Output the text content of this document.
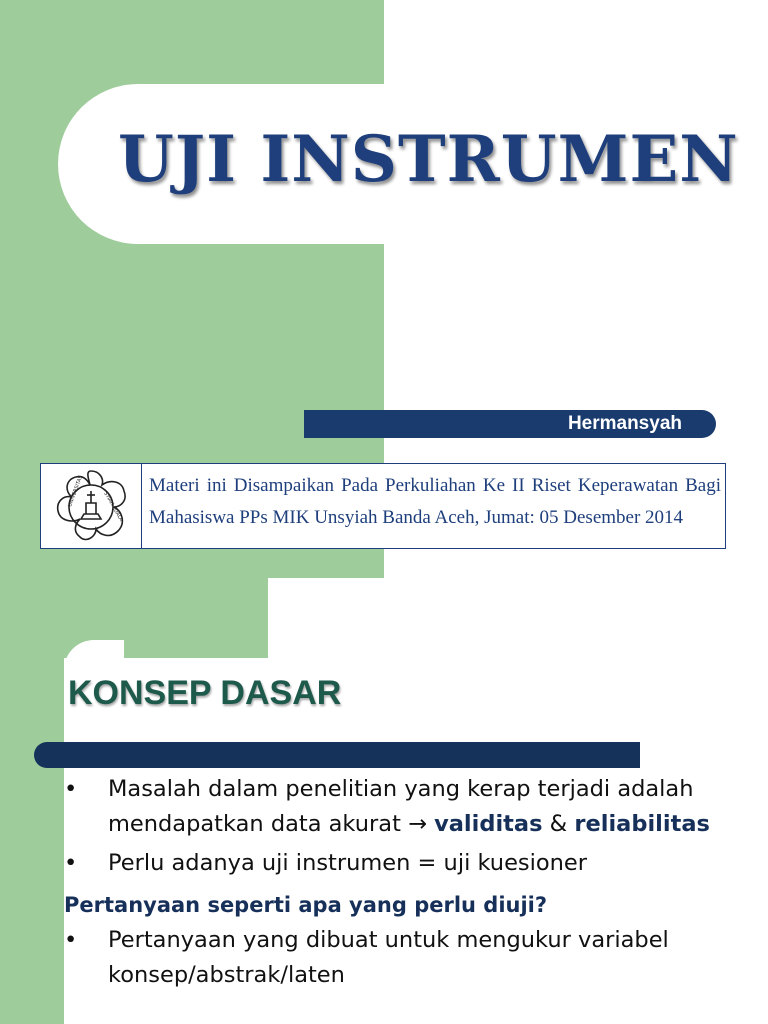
UJI INSTRUMEN
Hermansyah
UNIVERSITAS	SYIAH KUALA
Materi ini Disampaikan Pada Perkuliahan Ke II Riset Keperawatan Bagi Mahasiswa PPs MIK Unsyiah Banda Aceh, Jumat: 05 Desember 2014
KONSEP DASAR

• Masalah dalam penelitian yang kerap terjadi adalah mendapatkan data akurat → validitas & reliabilitas

• Perlu adanya uji instrumen = uji kuesioner

Pertanyaan seperti apa yang perlu diuji?

• Pertanyaan yang dibuat untuk mengukur variabel konsep/abstrak/laten
